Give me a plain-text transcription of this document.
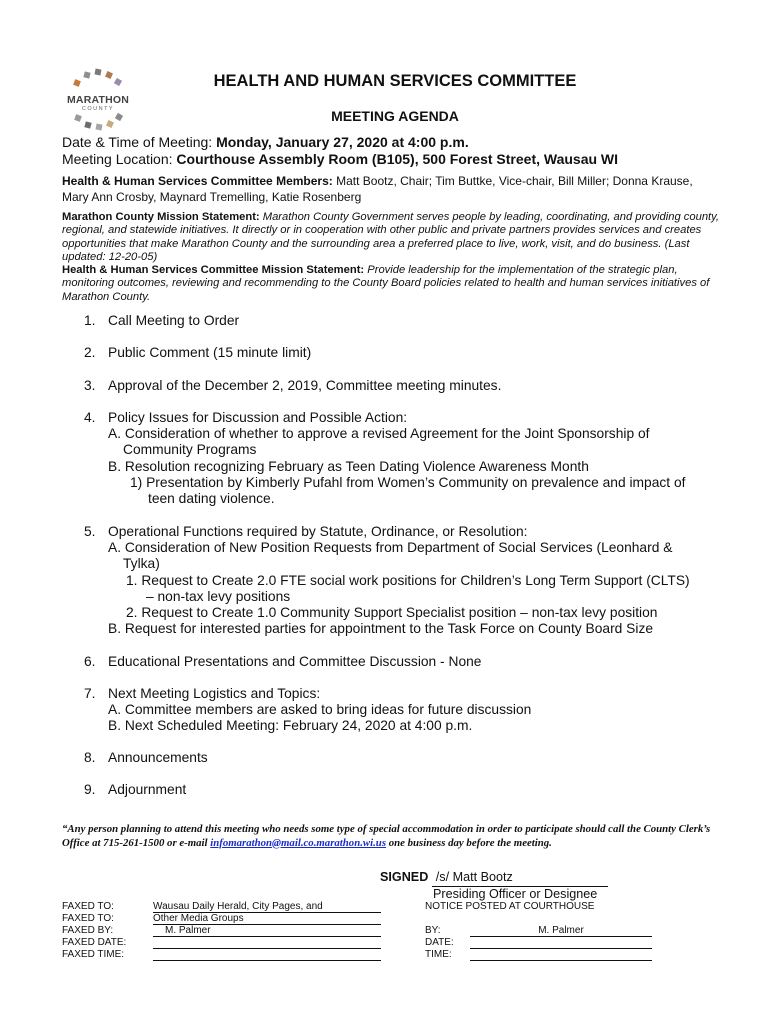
MARATHON
COUNTY
HEALTH AND HUMAN SERVICES COMMITTEE
MEETING AGENDA
Date & Time of Meeting: Monday, January 27, 2020 at 4:00 p.m.
Meeting Location: Courthouse Assembly Room (B105), 500 Forest Street, Wausau WI
Health & Human Services Committee Members: Matt Bootz, Chair; Tim Buttke, Vice-chair, Bill Miller; Donna Krause, Mary Ann Crosby, Maynard Tremelling, Katie Rosenberg
Marathon County Mission Statement: Marathon County Government serves people by leading, coordinating, and providing county, regional, and statewide initiatives. It directly or in cooperation with other public and private partners provides services and creates opportunities that make Marathon County and the surrounding area a preferred place to live, work, visit, and do business. (Last updated: 12-20-05)
Health & Human Services Committee Mission Statement: Provide leadership for the implementation of the strategic plan, monitoring outcomes, reviewing and recommending to the County Board policies related to health and human services initiatives of Marathon County.
1. Call Meeting to Order
2. Public Comment (15 minute limit)
3. Approval of the December 2, 2019, Committee meeting minutes.
4. Policy Issues for Discussion and Possible Action:
A. Consideration of whether to approve a revised Agreement for the Joint Sponsorship of
Community Programs
B. Resolution recognizing February as Teen Dating Violence Awareness Month
1) Presentation by Kimberly Pufahl from Women’s Community on prevalence and impact of
teen dating violence.
5. Operational Functions required by Statute, Ordinance, or Resolution:
A. Consideration of New Position Requests from Department of Social Services (Leonhard &
Tylka)
1. Request to Create 2.0 FTE social work positions for Children’s Long Term Support (CLTS)
– non-tax levy positions
2. Request to Create 1.0 Community Support Specialist position – non-tax levy position
B. Request for interested parties for appointment to the Task Force on County Board Size
6. Educational Presentations and Committee Discussion - None
7. Next Meeting Logistics and Topics:
A. Committee members are asked to bring ideas for future discussion
B. Next Scheduled Meeting: February 24, 2020 at 4:00 p.m.
8. Announcements
9. Adjournment
“Any person planning to attend this meeting who needs some type of special accommodation in order to participate should call the County Clerk’s Office at 715-261-1500 or e-mail infomarathon@mail.co.marathon.wi.us one business day before the meeting.
SIGNED /s/ Matt Bootz
Presiding Officer or Designee
FAXED TO:
FAXED TO:
FAXED BY:
FAXED DATE:
FAXED TIME:
Wausau Daily Herald, City Pages, and
Other Media Groups
M. Palmer
NOTICE POSTED AT COURTHOUSE
BY:
DATE:
TIME:
M. Palmer
